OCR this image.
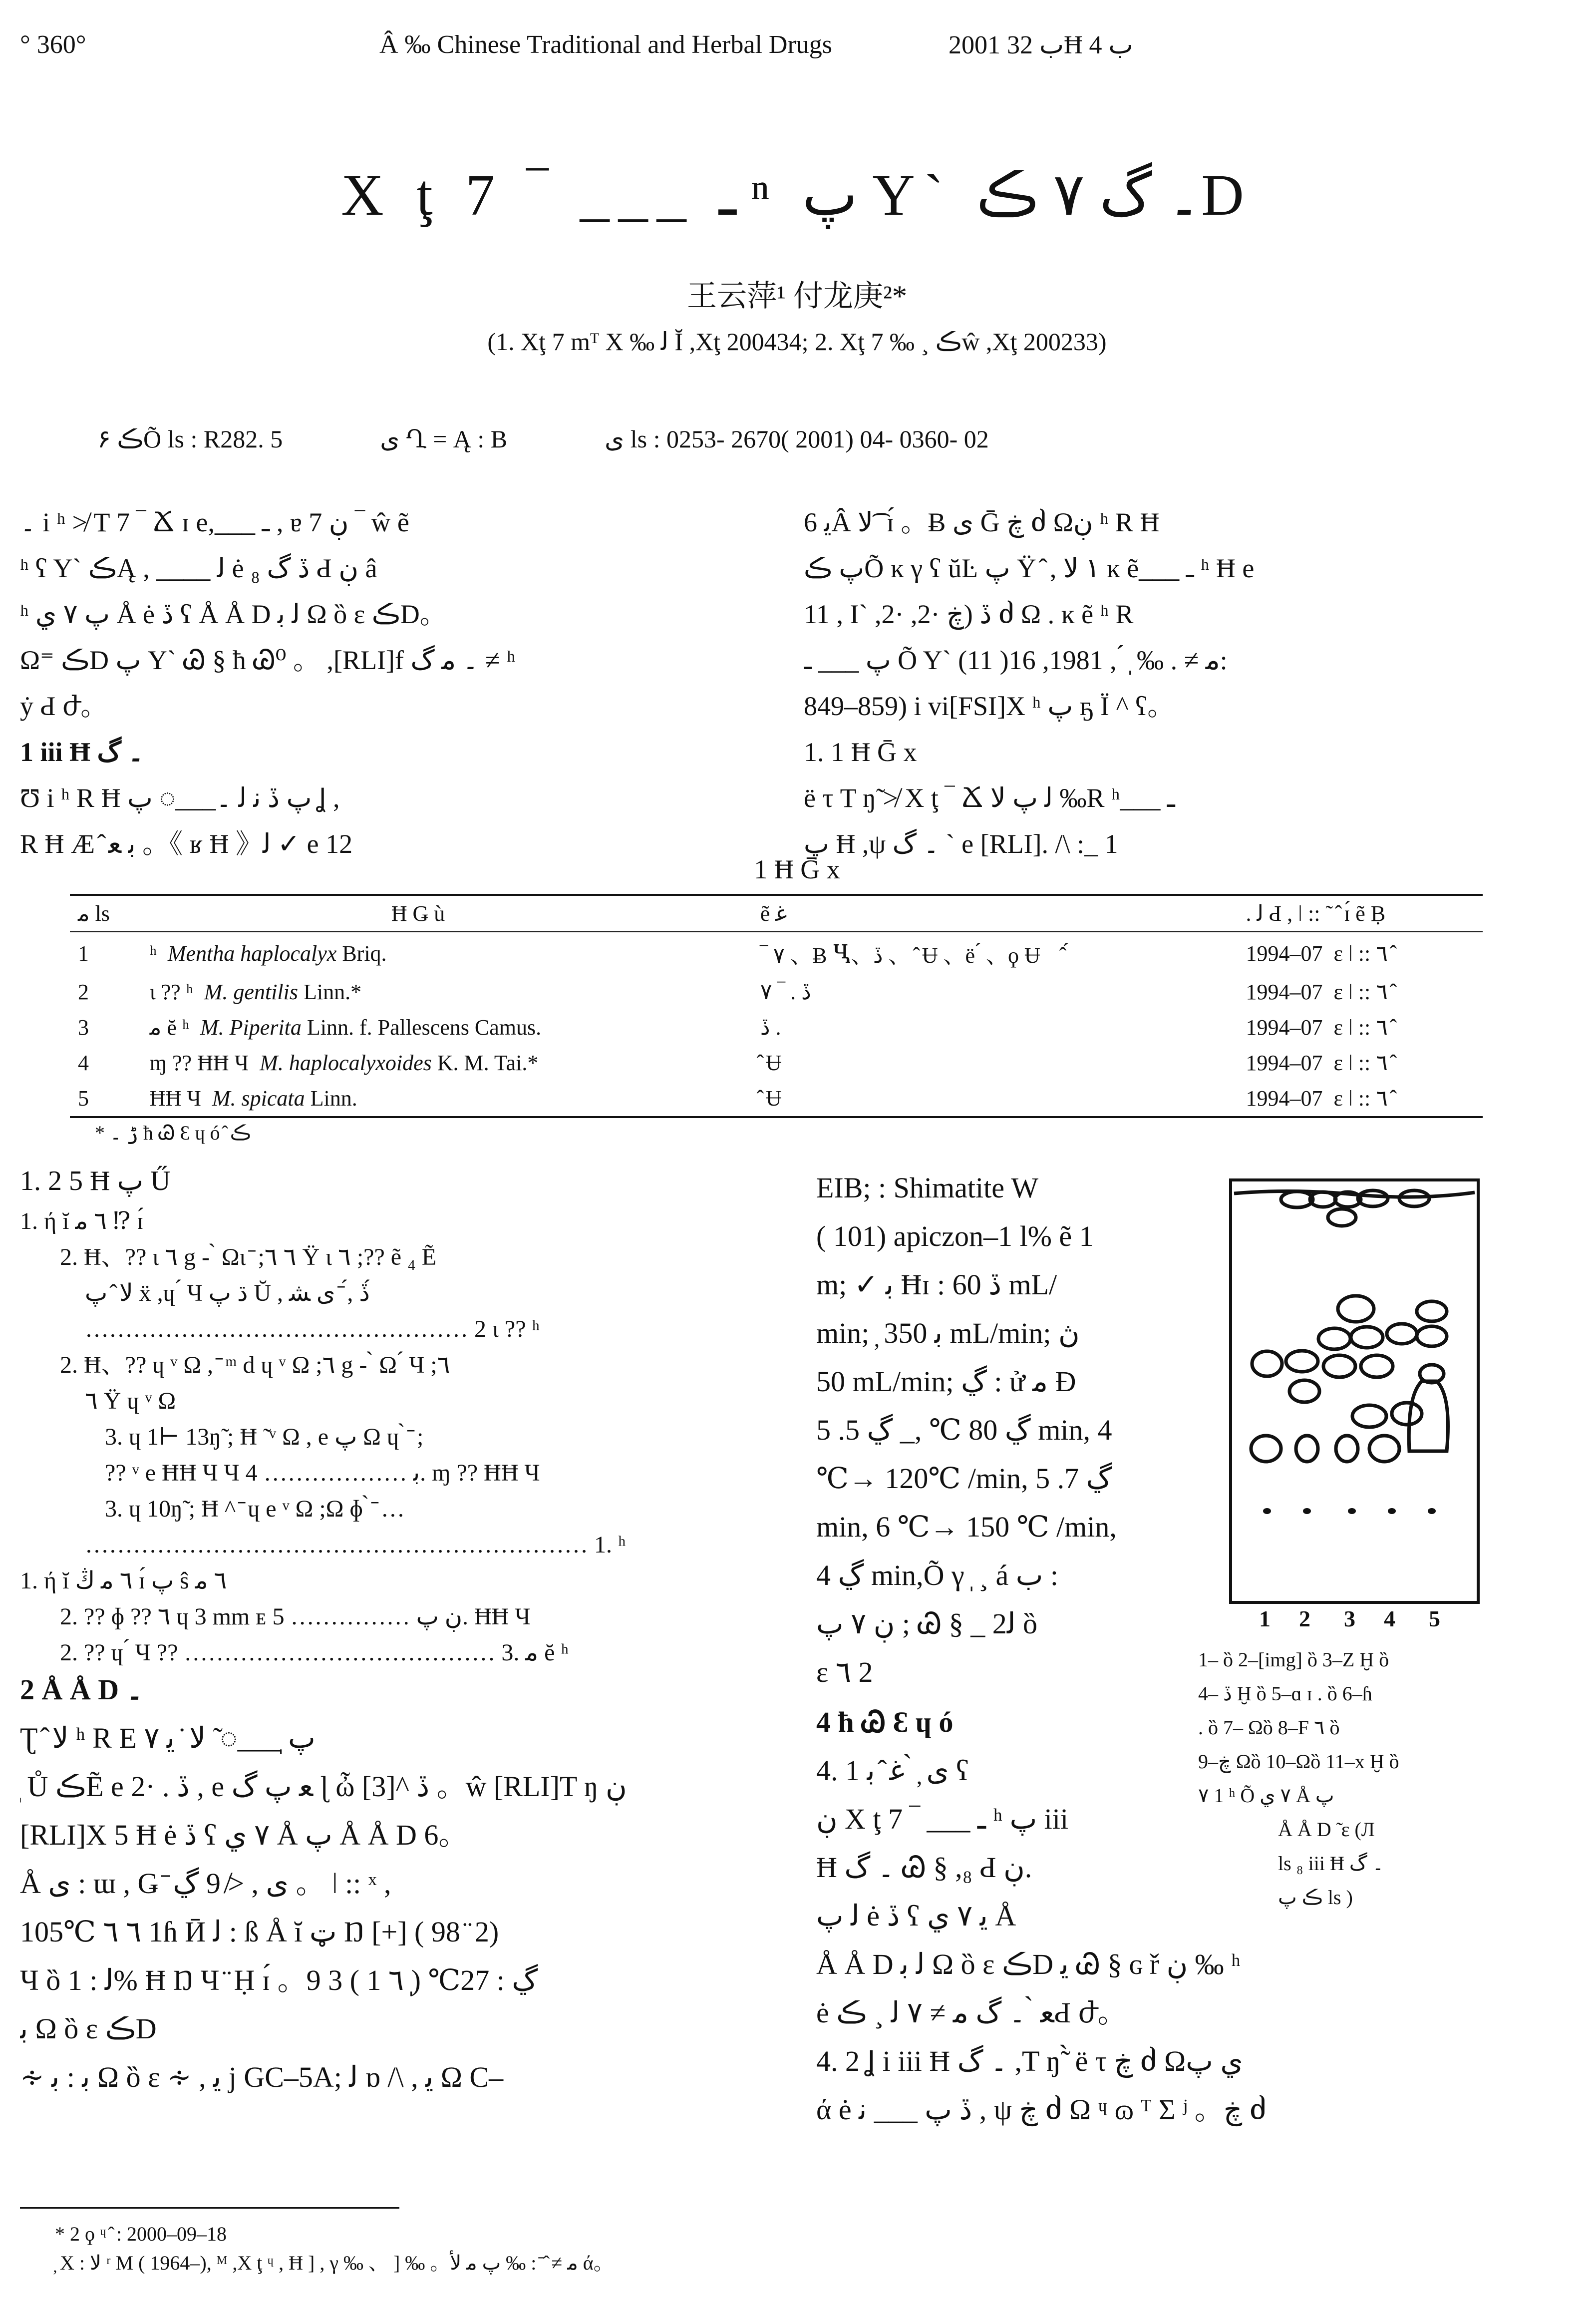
° 360°	Â ‰ Chinese Traditional and Herbal Drugs	2001 ب 32Ħ ب 4
Χ ţ 7 ‾ ___ ـ ⁿ پ Y` ۔ گ ۷ ڪD
王云萍¹ 付龙庚²*
(1. Χţ 7 mᵀ Χ ‰ ﻟ Ĭ ,Χţ 200434; 2. Χţ 7 ‰ ¸ ڪŵ ,Χţ 200233)
۶ ڪÕ ls : R282. 5	ی Ղ = Ą : B	ی ls : 0253- 2670( 2001) 04- 0360- 02

۔ i ʰ ≯ T 7 ‾ Ճ ɪ e,___ ـ , ɐ ڹ 7 ‾ ŵ ẽ

ʰ ʕ Y` ڪĄ , ____ ﻟ ė ڏ گ ₈ Ԁ ڹ â

ʰ پ ٧ ي Å ė ڏ ʕ Å Å D ﻟ ﺑ Ω ȍ ɛ ڪD。

Ω⁼ ڪD پ Y` Ꮚ § ħ Ꮚ⁰ 。 ,[RLI]f ۔ ﻣ گ ≠ ʰ

ẏ Ԁ ժ。

1 iii Ħ ۔ گ

Ʊ i ʰ R Ħ پ ڏ ﻧ ﻟ ۔___◌ پ Ʝ ,

R Ħ Æ ̂ ﺑ ﻌ 。《 ʁ Ħ 》ﻟ ✓ e 12

ﻳ 6Â ﻻ ͡ ɪ́ 。Ƀ ی Ḡ ڿ ძ Ωڹ ʰ R Ħ

پ ڪÕ ĸ γ ʕ ŭĿ پ Ÿ ̂ , ١ ﻻ ĸ ẽ___ ـ ʰ Ħ e

11 , Ι` ,2· ,2· ڏ (ڿ ძ Ω . ĸ ẽ ʰ R

پ ___ ـ Õ Y` ﻣ ≠ . ‰ ̩ ́ , 1981, 16( 11):

849–859) i vi[FSI]Χ ʰ پ ҕ Ϊ ^ ʕ。

1. 1 Ħ Ḡ x

ë τ T ŋ̃ ≯ Χ ţ ‾ Ճ ﻟ پ ﻻ ‰R ʰ___ ـ

پ Ħ ,ψ ۔ گ ` e [RLI]. /\ :_ 1

1 Ħ Ḡ x
ﻣ ls	Ħ Ǥ ù	ẽ ﻏ	. ﻟ Ԁ , ǀ :: ˜ ̂ ɪ́ ẽ Ḅ
1	ʰ Mentha haplocalyx Briq.	‾ ٧ 、Ƀ Ⴁ、ڏ 、、̂ Ʉ 、ë ́ 、ϙ Ʉ 、̂ ́	1994–07 ɛ ǀ :: ٦ ̂
2	ɩ ?? ʰ M. gentilis Linn.*	ڏ . ‾ ٧	1994–07 ɛ ǀ :: ٦ ̂
3	ﻣ ĕ ʰ M. Piperita Linn. f. Pallescens Camus.	ڏ .	1994–07 ɛ ǀ :: ٦ ̂
4	ɱ ?? ĦĦ Ч M. haplocalyxoides K. M. Tai.*	̂ Ʉ	1994–07 ɛ ǀ :: ٦ ̂
5	ĦĦ Ч M. spicata Linn.	̂ Ʉ	1994–07 ɛ ǀ :: ٦ ̂
* ڑ ۔ ħ Ꮚ Ɛ ɥ ó ̂ ڪ

1. 2 5 Ħ پ Ű

1. ή ĭ ٦ ﻣ ⁉ ɪ́

2. Ħ、?? ɩ ٦ g - ̀ Ωɩ ̄ ;٦ ٦ Ÿ ɩ ٦ ;?? ẽ ₄ Ẽ

ﻻ ̂ پ ẍ ,ɥ ́ Ч ڌ پ Ŭ , ڏ ,́ ̄ ی ﺸ ́

………………………………………… 2 ɩ ?? ʰ

2. Ħ、?? ɥ ᵛ Ω , ̄ ᵐ d ɥ ᵛ Ω ;٦ g - ̀ Ω ́ Ч ;٦

٦ Ÿ ɥ ᵛ Ω

3. ɥ 1⊢ 13ŋ̃ ; Ħ ̃ ᵛ Ω , e پ Ω ɥ ̀ ̄ ;

?? ᵛ e ĦĦ Ч Ч ﺑ ……………… 4. ɱ ?? ĦĦ Ч

3. ɥ 10ŋ̃ ; Ħ ^ ̄ ɥ e ᵛ Ω ;Ω ɸ ̀ ̄ …

……………………………………………………… 1. ʰ

1. ή ĭ ٦ ﻣ ڭ ɪ́ پ ŝ ٦ ﻣ

2. ?? ɸ ?? ٦ ɥ 3 mm ᴇ ڹ پ …………… 5. ĦĦ Ч

2. ?? ɥ ́ Ч ?? ………………………………… 3. ﻣ ĕ ʰ

2 Å Å D ۔

Ʈ ̂ ﻻ ʰ R E پ ̩___◌ ̃ ﻻ ̇ ﻳ ٧

̩ Ů ڪẼ e 2· . ڏ , e ﻌ پ گ ɭ ὦ ڏ ^[3] 。ŵ [RLI]T ŋ ڹ

[RLI]Χ 5 Ħ ė ڏ ʕ ٧ ي Å پ Å Å D 6。

Å ی : ɯ , Ǥ ̄ ی , ≯ 9 ڲ 。 ǀ :: ˣ ,

105℃ ٦ ٦ 1ɦ Ӣ ﻟ : ß Å ĭ ټ Ŋ [+] ( 98 ̈ 2)

Ч ȍ ﻟ : 1% Ħ Ŋ Ч ̈ Ḥ ɪ́ 。9 ڲ : 27℃ (̩ ٦ 1 ) 3

ﺑ Ω ȍ ɛ ڪD

∻ ﺑ : ﺑ Ω ȍ ɛ ∻ , ﻳ j GC–5A; ﻟ ɒ /\ , ﻳ Ω C–

EIB; : Shimatite W

( 101) apiczon–1 l% ẽ 1

m; ✓ ﺑ Ħɪ : ڏ 60 mL/

min; ̦ ﺑ 350 mL/min; ڽ

50 mL/min; ڲ : ử ﻣ Ð

ڲ 80 ℃ ,_ ڲ 5. 5 min, 4

℃→ 120℃ /min, ڲ 7. 5

min, 6 ℃→ 150 ℃ /min,

ڲ 4 min,Õ γ ̩ ¸ á ب :

ڹ ٧ پ ; Ꮚ § _ 2ﻟ ȍ

ɛ ٦ 2

4 ħ Ꮚ Ɛ ɥ ó

4. 1 ی ̦ ̀ ﻏ ̂ ﺑ ʕ

ڹ Χ ţ 7 ‾ ___ ـ ʰ پ iii

Ħ ۔ گ Ꮚ § ,₈ Ԁ ڹ.

ﻟ پ ė ڏ ʕ ﻳ ٧ ي Å

Å Å D ﻟ ﺑ Ω ȍ ɛ ڪD ﻳ Ꮚ § ɢ ř ڹ ‰ ʰ

ė ﻌ ̀ ۔ گ ﻣ ≠ ٧ ﻟ ¸ ڪԀ ժ。

4. 2 Ʝ i iii Ħ ۔ گ ,T ŋ̃ ̀ ë τ ڿ ძ Ωي پ

ά ė ڏ پ ___ ﻧ , ψ ڿ ძ Ω ᶣ ɷ ᵀ Σ ʲ 。ڿ ძ

1 2 3 4 5

1– ȍ 2–[img] ȍ 3–Z Ḫ ȍ

4– ڏ Ḫ ȍ 5–ɑ ɪ . ȍ 6–ɦ

. ȍ 7– Ωȍ 8–F ٦ ȍ

9–ڿ Ωȍ 10–Ωȍ 11–x Ḫ ȍ

۷ 1 ʰ Õ ٧ ي Å پ

Å Å D ̃ ɛ (Л

ls ₈ iii Ħ ۔ گ

ڪ پ ls )

* 2 ϙ ᶣ ̂ : 2000–09–18

̦ Χ : ﻻ ʳ M ( 1964–), ᴹ ,Χ ţ ᶣ , Ħ ] , γ ‰ 、 ] ‰ 。ﻣ ≠ ̂ ̄ : ‰ پ ﻣ ﻷ ά。
